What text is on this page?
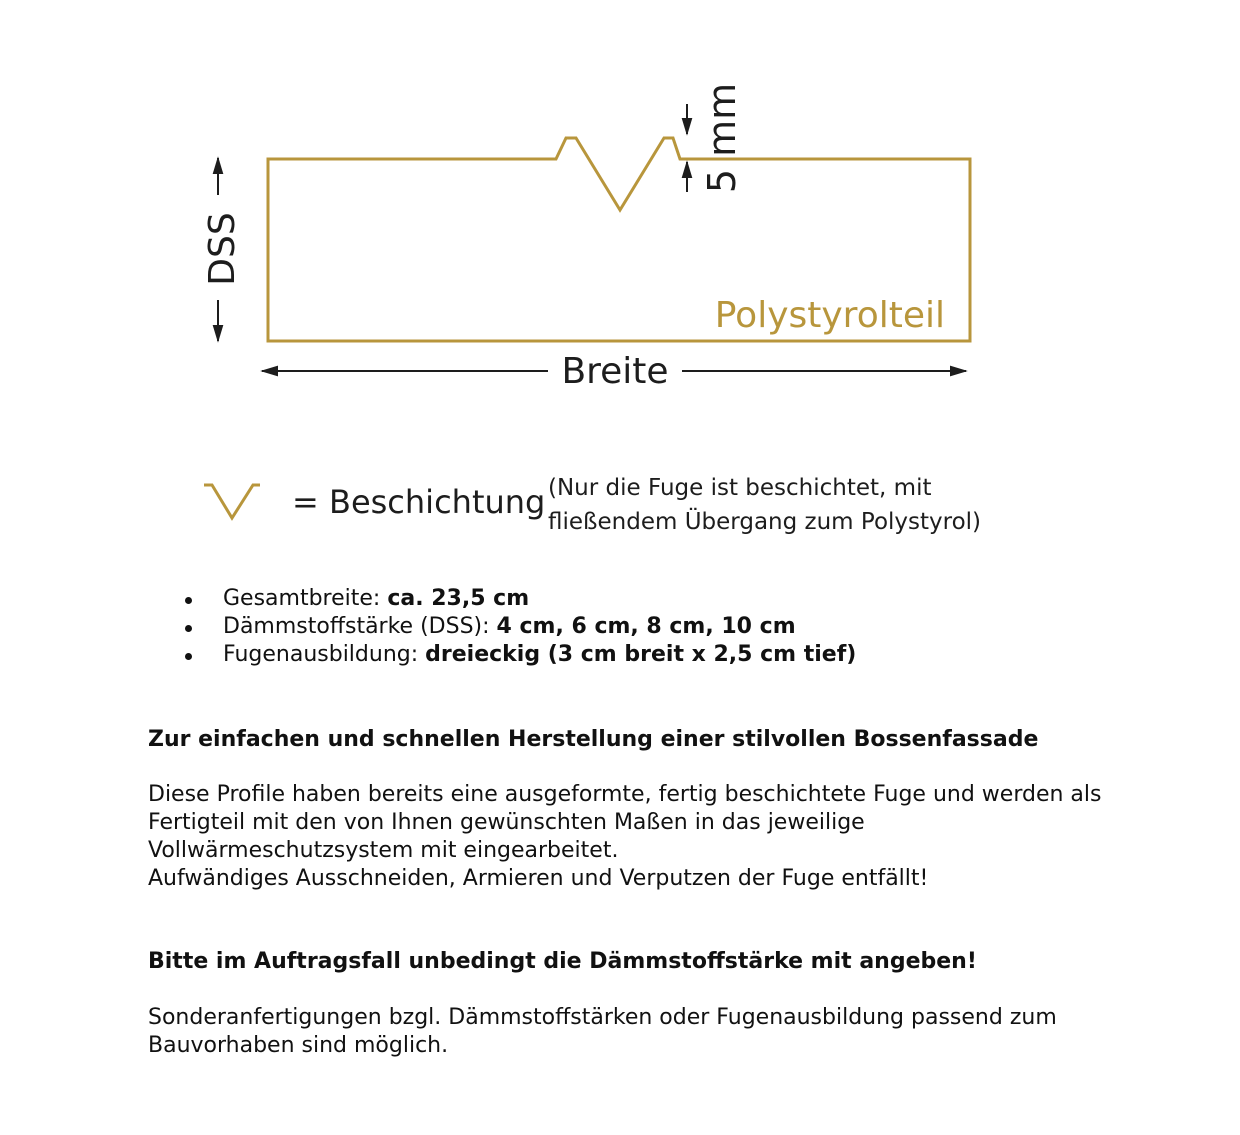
5 mm
DSS
Polystyrolteil
Breite
= Beschichtung (Nur die Fuge ist beschichtet, mit
fließendem Übergang zum Polystyrol)
Gesamtbreite: ca. 23,5 cm
Dämmstoffstärke (DSS): 4 cm, 6 cm, 8 cm, 10 cm
Fugenausbildung: dreieckig (3 cm breit x 2,5 cm tief)

Zur einfachen und schnellen Herstellung einer stilvollen Bossenfassade

Diese Profile haben bereits eine ausgeformte, fertig beschichtete Fuge und werden als
Fertigteil mit den von Ihnen gewünschten Maßen in das jeweilige
Vollwärmeschutzsystem mit eingearbeitet.
Aufwändiges Ausschneiden, Armieren und Verputzen der Fuge entfällt!

Bitte im Auftragsfall unbedingt die Dämmstoffstärke mit angeben!

Sonderanfertigungen bzgl. Dämmstoffstärken oder Fugenausbildung passend zum
Bauvorhaben sind möglich.
